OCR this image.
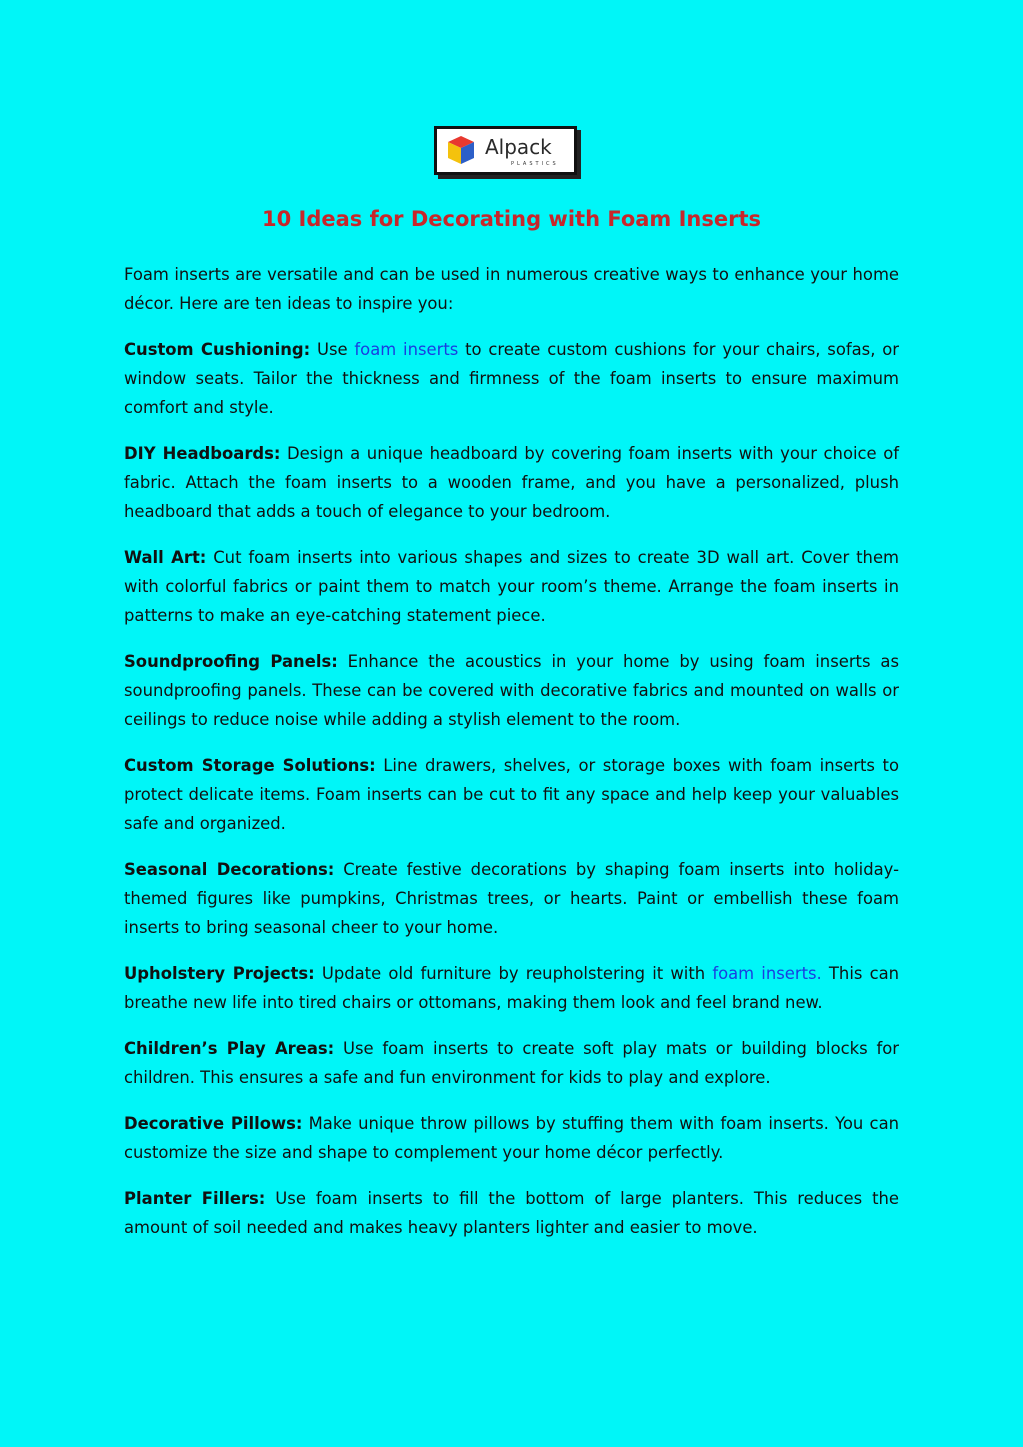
Alpack
PLASTICS
10 Ideas for Decorating with Foam Inserts

Foam inserts are versatile and can be used in numerous creative ways to enhance your home décor. Here are ten ideas to inspire you:

Custom Cushioning: Use foam inserts to create custom cushions for your chairs, sofas, or window seats. Tailor the thickness and firmness of the foam inserts to ensure maximum comfort and style.

DIY Headboards: Design a unique headboard by covering foam inserts with your choice of fabric. Attach the foam inserts to a wooden frame, and you have a personalized, plush headboard that adds a touch of elegance to your bedroom.

Wall Art: Cut foam inserts into various shapes and sizes to create 3D wall art. Cover them with colorful fabrics or paint them to match your room’s theme. Arrange the foam inserts in patterns to make an eye-catching statement piece.

Soundproofing Panels: Enhance the acoustics in your home by using foam inserts as soundproofing panels. These can be covered with decorative fabrics and mounted on walls or ceilings to reduce noise while adding a stylish element to the room.

Custom Storage Solutions: Line drawers, shelves, or storage boxes with foam inserts to protect delicate items. Foam inserts can be cut to fit any space and help keep your valuables safe and organized.

Seasonal Decorations: Create festive decorations by shaping foam inserts into holiday-themed figures like pumpkins, Christmas trees, or hearts. Paint or embellish these foam inserts to bring seasonal cheer to your home.

Upholstery Projects: Update old furniture by reupholstering it with foam inserts. This can breathe new life into tired chairs or ottomans, making them look and feel brand new.

Children’s Play Areas: Use foam inserts to create soft play mats or building blocks for children. This ensures a safe and fun environment for kids to play and explore.

Decorative Pillows: Make unique throw pillows by stuffing them with foam inserts. You can customize the size and shape to complement your home décor perfectly.

Planter Fillers: Use foam inserts to fill the bottom of large planters. This reduces the amount of soil needed and makes heavy planters lighter and easier to move.
